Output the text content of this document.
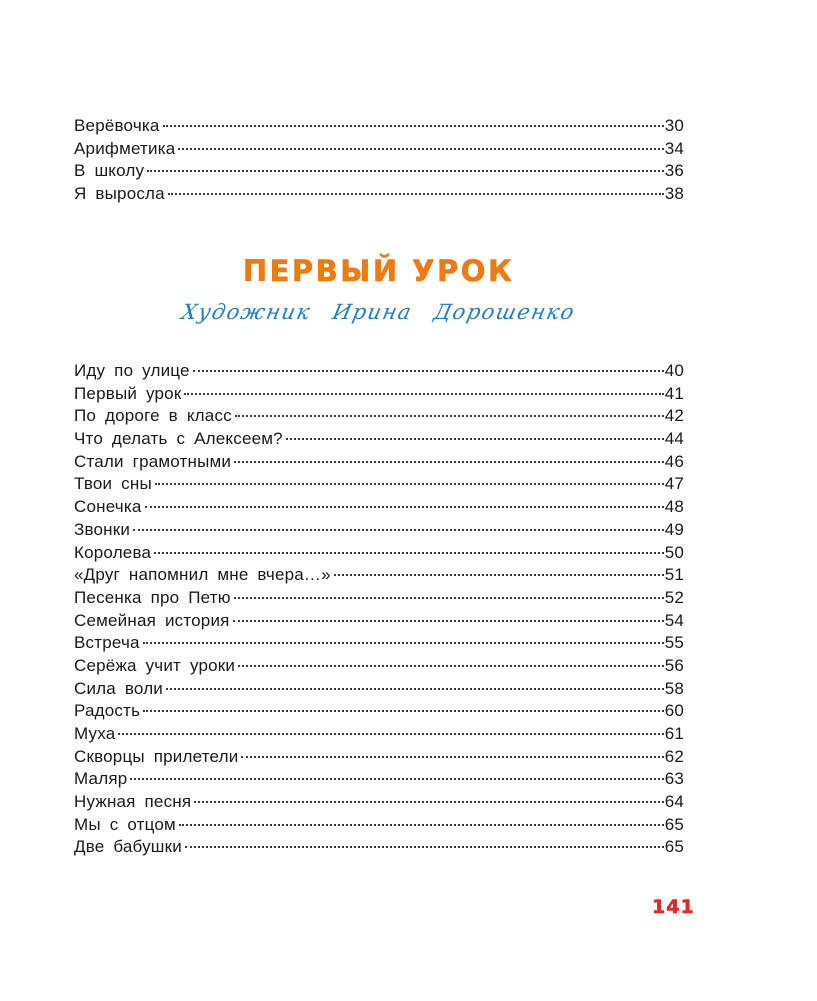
Верёвочка	30
Арифметика	34
В школу	36
Я выросла	38
ПЕРВЫЙ УРОК
Художник Ирина Дорошенко
Иду по улице	40
Первый урок	41
По дороге в класс	42
Что делать с Алексеем?	44
Стали грамотными	46
Твои сны	47
Сонечка	48
Звонки	49
Королева	50
«Друг напомнил мне вчера…»	51
Песенка про Петю	52
Семейная история	54
Встреча	55
Серёжа учит уроки	56
Сила воли	58
Радость	60
Муха	61
Скворцы прилетели	62
Маляр	63
Нужная песня	64
Мы с отцом	65
Две бабушки	65
141
